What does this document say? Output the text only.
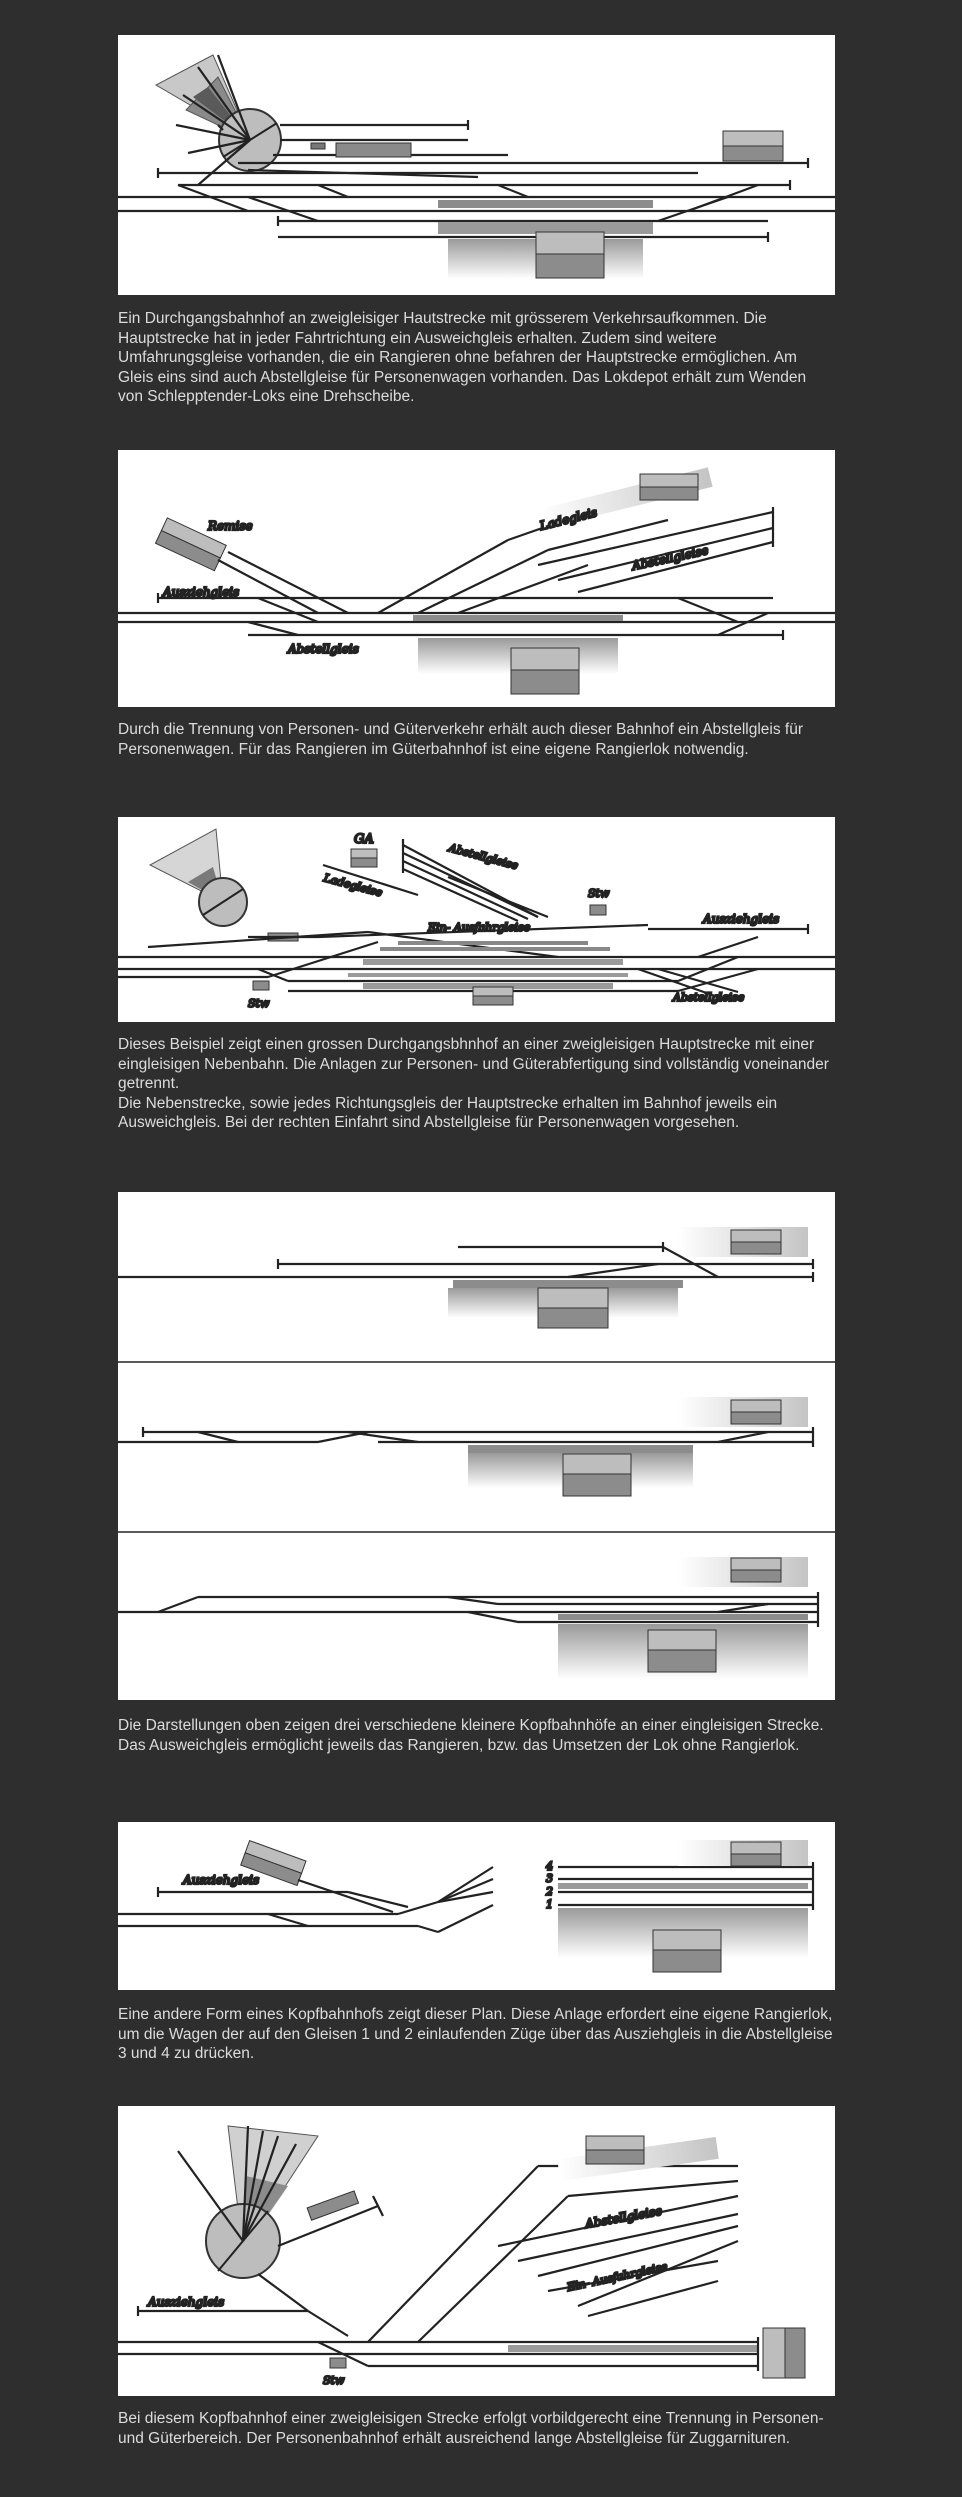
Ein Durchgangsbahnhof an zweigleisiger Hautstrecke mit grösserem Verkehrsaufkommen. Die Hauptstrecke hat in jeder Fahrtrichtung ein Ausweichgleis erhalten. Zudem sind weitere Umfahrungsgleise vorhanden, die ein Rangieren ohne befahren der Hauptstrecke ermöglichen. Am Gleis eins sind auch Abstellgleise für Personenwagen vorhanden. Das Lokdepot erhält zum Wenden von Schlepptender-Loks eine Drehscheibe.

Remise
Ausziehgleis
Abstellgleis
Ladegleis
Abstellgleise

Durch die Trennung von Personen- und Güterverkehr erhält auch dieser Bahnhof ein Abstellgleis für Personenwagen. Für das Rangieren im Güterbahnhof ist eine eigene Rangierlok notwendig.

GA
Ladegleise
Abstellgleise
Stw
Ein- Ausfahrgleise
Ausziehgleis
Stw	Abstellgleise

Dieses Beispiel zeigt einen grossen Durchgangsbhnhof an einer zweigleisigen Hauptstrecke mit einer eingleisigen Nebenbahn. Die Anlagen zur Personen- und Güterabfertigung sind vollständig voneinander getrennt.

Die Nebenstrecke, sowie jedes Richtungsgleis der Hauptstrecke erhalten im Bahnhof jeweils ein Ausweichgleis. Bei der rechten Einfahrt sind Abstellgleise für Personenwagen vorgesehen.

Die Darstellungen oben zeigen drei verschiedene kleinere Kopfbahnhöfe an einer eingleisigen Strecke. Das Ausweichgleis ermöglicht jeweils das Rangieren, bzw. das Umsetzen der Lok ohne Rangierlok.

Ausziehgleis
4
3
2
1

Eine andere Form eines Kopfbahnhofs zeigt dieser Plan. Diese Anlage erfordert eine eigene Rangierlok, um die Wagen der auf den Gleisen 1 und 2 einlaufenden Züge über das Ausziehgleis in die Abstellgleise 3 und 4 zu drücken.

Ausziehgleis
Abstellgleise
Ein- Ausfahrgleise
Stw

Bei diesem Kopfbahnhof einer zweigleisigen Strecke erfolgt vorbildgerecht eine Trennung in Personen- und Güterbereich. Der Personenbahnhof erhält ausreichend lange Abstellgleise für Zuggarnituren.
